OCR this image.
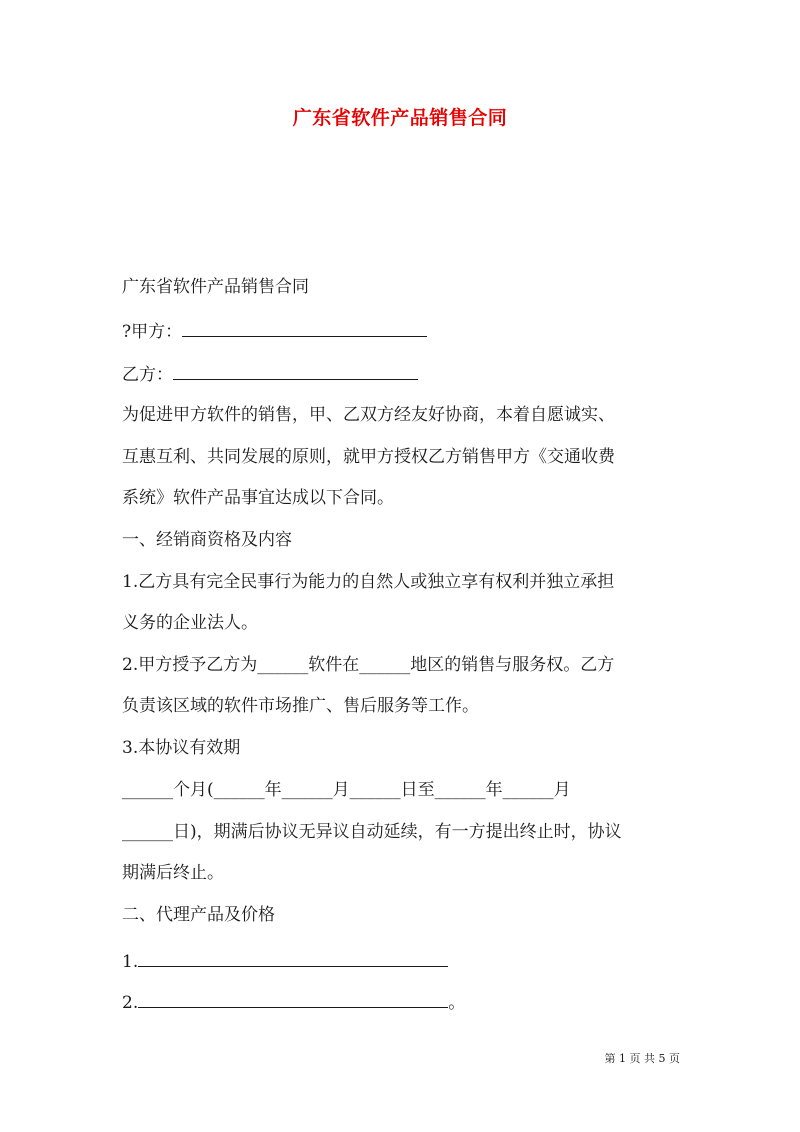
广东省软件产品销售合同
广东省软件产品销售合同
?甲方：
乙方：
为促进甲方软件的销售，甲、乙双方经友好协商，本着自愿诚实、
互惠互利、共同发展的原则，就甲方授权乙方销售甲方《交通收费
系统》软件产品事宜达成以下合同。
一、经销商资格及内容
1.乙方具有完全民事行为能力的自然人或独立享有权利并独立承担
义务的企业法人。
2.甲方授予乙方为______软件在______地区的销售与服务权。乙方
负责该区域的软件市场推广、售后服务等工作。
3.本协议有效期
______个月(______年______月______日至______年______月
______日)，期满后协议无异议自动延续，有一方提出终止时，协议
期满后终止。
二、代理产品及价格
1.
2.	。
第 1 页 共 5 页
